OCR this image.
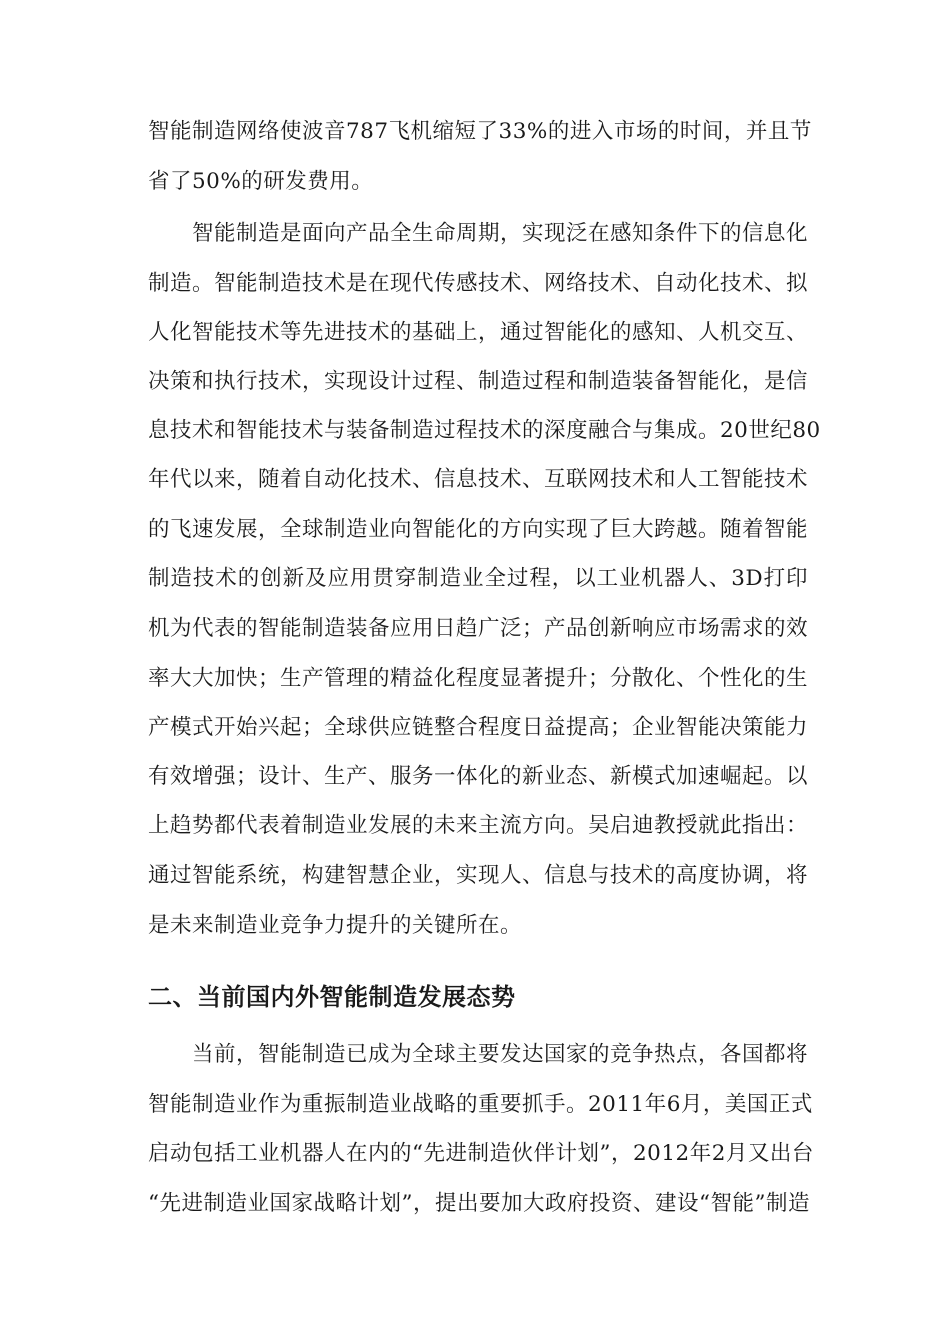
智能制造网络使波音787飞机缩短了33%的进入市场的时间，并且节
省了50%的研发费用。
智能制造是面向产品全生命周期，实现泛在感知条件下的信息化
制造。智能制造技术是在现代传感技术、网络技术、自动化技术、拟
人化智能技术等先进技术的基础上，通过智能化的感知、人机交互、
决策和执行技术，实现设计过程、制造过程和制造装备智能化，是信
息技术和智能技术与装备制造过程技术的深度融合与集成。20世纪80
年代以来，随着自动化技术、信息技术、互联网技术和人工智能技术
的飞速发展，全球制造业向智能化的方向实现了巨大跨越。随着智能
制造技术的创新及应用贯穿制造业全过程，以工业机器人、3D打印
机为代表的智能制造装备应用日趋广泛；产品创新响应市场需求的效
率大大加快；生产管理的精益化程度显著提升；分散化、个性化的生
产模式开始兴起；全球供应链整合程度日益提高；企业智能决策能力
有效增强；设计、生产、服务一体化的新业态、新模式加速崛起。以
上趋势都代表着制造业发展的未来主流方向。吴启迪教授就此指出：
通过智能系统，构建智慧企业，实现人、信息与技术的高度协调，将
是未来制造业竞争力提升的关键所在。
二、当前国内外智能制造发展态势
当前，智能制造已成为全球主要发达国家的竞争热点，各国都将
智能制造业作为重振制造业战略的重要抓手。2011年6月，美国正式
启动包括工业机器人在内的“先进制造伙伴计划”，2012年2月又出台
“先进制造业国家战略计划”，提出要加大政府投资、建设“智能”制造
